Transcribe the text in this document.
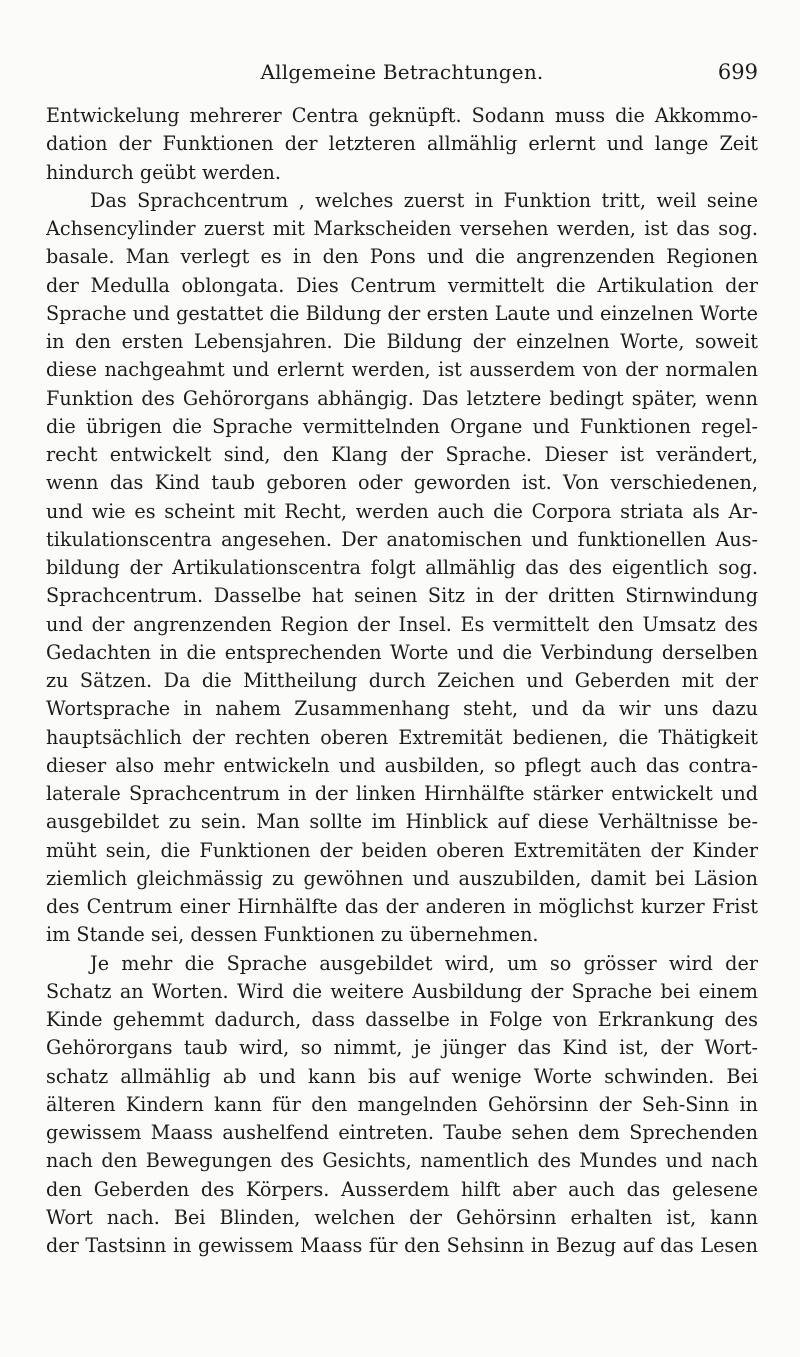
Allgemeine Betrachtungen.	699
Entwickelung mehrerer Centra geknüpft. Sodann muss die Akkommo-
dation der Funktionen der letzteren allmählig erlernt und lange Zeit
hindurch geübt werden.
Das Sprachcentrum , welches zuerst in Funktion tritt, weil seine
Achsencylinder zuerst mit Markscheiden versehen werden, ist das sog.
basale. Man verlegt es in den Pons und die angrenzenden Regionen
der Medulla oblongata. Dies Centrum vermittelt die Artikulation der
Sprache und gestattet die Bildung der ersten Laute und einzelnen Worte
in den ersten Lebensjahren. Die Bildung der einzelnen Worte, soweit
diese nachgeahmt und erlernt werden, ist ausserdem von der normalen
Funktion des Gehörorgans abhängig. Das letztere bedingt später, wenn
die übrigen die Sprache vermittelnden Organe und Funktionen regel-
recht entwickelt sind, den Klang der Sprache. Dieser ist verändert,
wenn das Kind taub geboren oder geworden ist. Von verschiedenen,
und wie es scheint mit Recht, werden auch die Corpora striata als Ar-
tikulationscentra angesehen. Der anatomischen und funktionellen Aus-
bildung der Artikulationscentra folgt allmählig das des eigentlich sog.
Sprachcentrum. Dasselbe hat seinen Sitz in der dritten Stirnwindung
und der angrenzenden Region der Insel. Es vermittelt den Umsatz des
Gedachten in die entsprechenden Worte und die Verbindung derselben
zu Sätzen. Da die Mittheilung durch Zeichen und Geberden mit der
Wortsprache in nahem Zusammenhang steht, und da wir uns dazu
hauptsächlich der rechten oberen Extremität bedienen, die Thätigkeit
dieser also mehr entwickeln und ausbilden, so pflegt auch das contra-
laterale Sprachcentrum in der linken Hirnhälfte stärker entwickelt und
ausgebildet zu sein. Man sollte im Hinblick auf diese Verhältnisse be-
müht sein, die Funktionen der beiden oberen Extremitäten der Kinder
ziemlich gleichmässig zu gewöhnen und auszubilden, damit bei Läsion
des Centrum einer Hirnhälfte das der anderen in möglichst kurzer Frist
im Stande sei, dessen Funktionen zu übernehmen.
Je mehr die Sprache ausgebildet wird, um so grösser wird der
Schatz an Worten. Wird die weitere Ausbildung der Sprache bei einem
Kinde gehemmt dadurch, dass dasselbe in Folge von Erkrankung des
Gehörorgans taub wird, so nimmt, je jünger das Kind ist, der Wort-
schatz allmählig ab und kann bis auf wenige Worte schwinden. Bei
älteren Kindern kann für den mangelnden Gehörsinn der Seh-Sinn in
gewissem Maass aushelfend eintreten. Taube sehen dem Sprechenden
nach den Bewegungen des Gesichts, namentlich des Mundes und nach
den Geberden des Körpers. Ausserdem hilft aber auch das gelesene
Wort nach. Bei Blinden, welchen der Gehörsinn erhalten ist, kann
der Tastsinn in gewissem Maass für den Sehsinn in Bezug auf das Lesen
